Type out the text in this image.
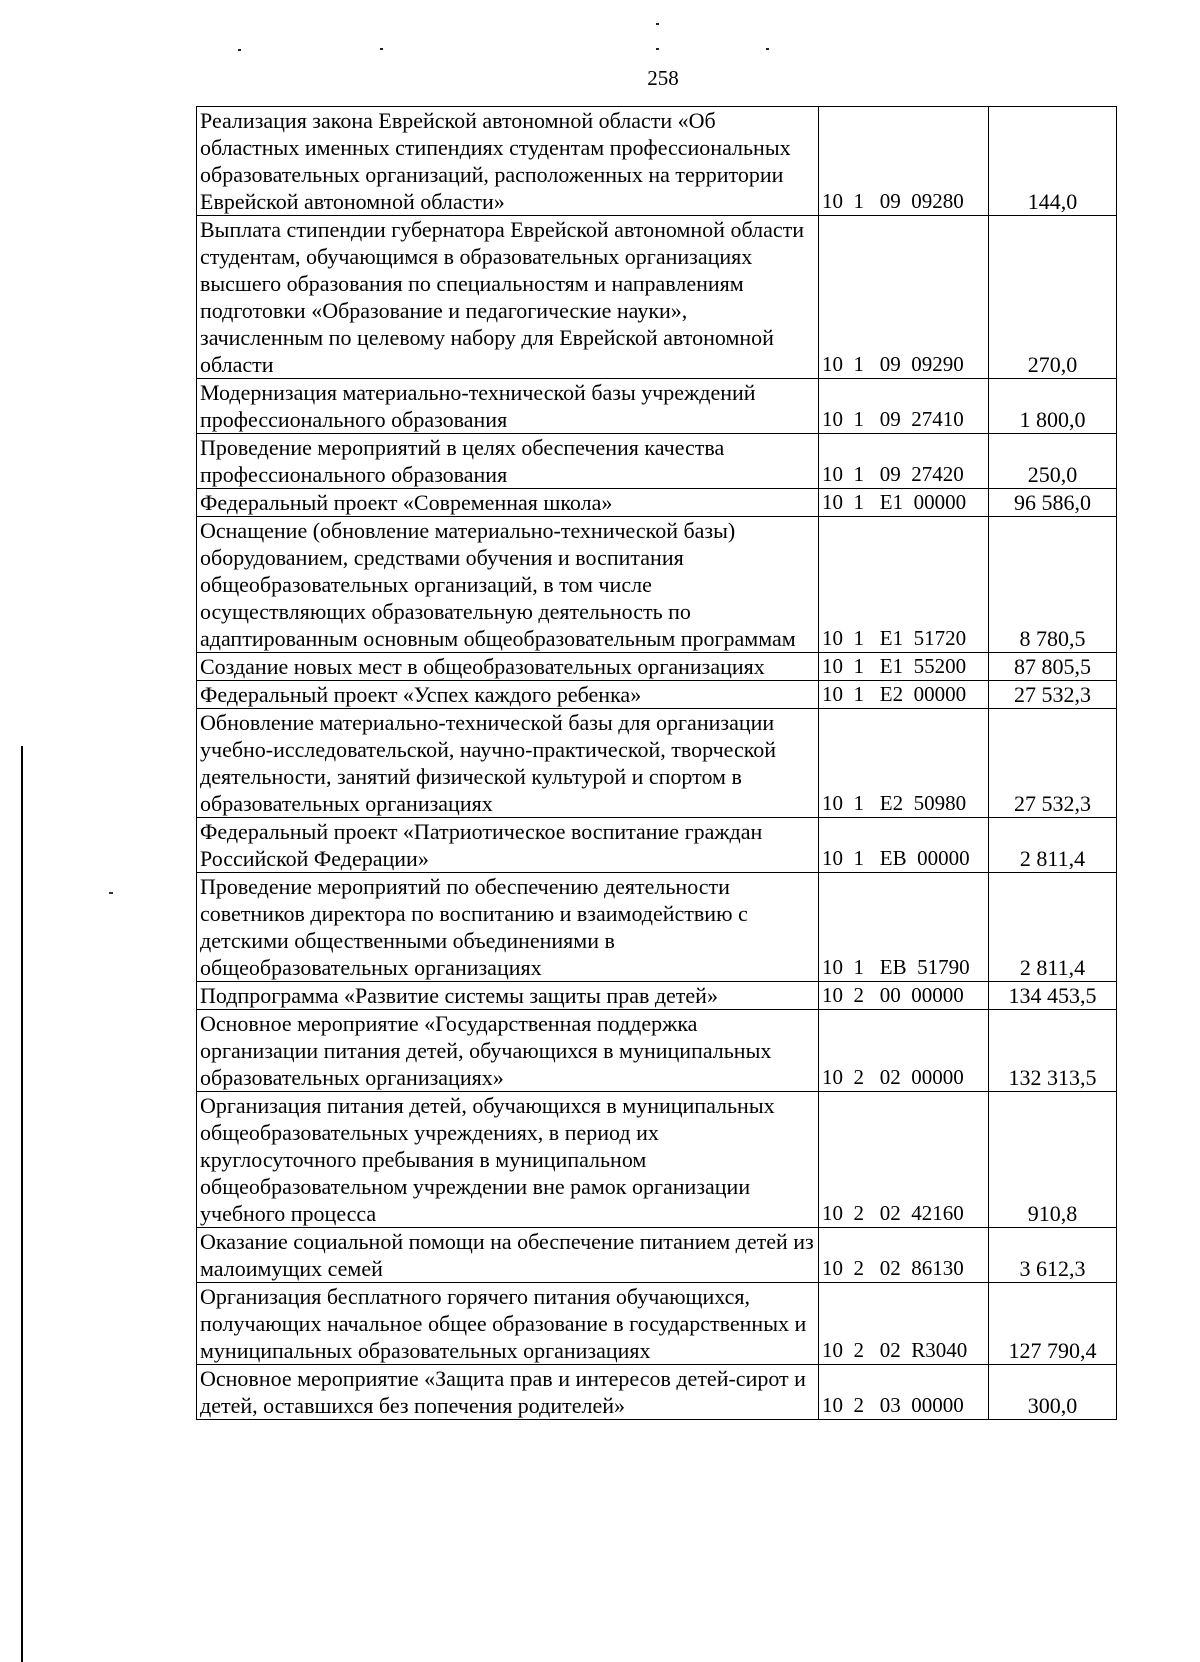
258
Реализация закона Еврейской автономной области «Об областных именных стипендиях студентам профессиональных образовательных организаций, расположенных на территории Еврейской автономной области»	10  1   09  09280	144,0
Выплата стипендии губернатора Еврейской автономной области студентам, обучающимся в образовательных организациях высшего образования по специальностям и направлениям подготовки «Образование и педагогические науки», зачисленным по целевому набору для Еврейской автономной области	10  1   09  09290	270,0
Модернизация материально-технической базы учреждений профессионального образования	10  1   09  27410	1 800,0
Проведение мероприятий в целях обеспечения качества профессионального образования	10  1   09  27420	250,0
Федеральный проект «Современная школа»	10  1   E1  00000	96 586,0
Оснащение (обновление материально-технической базы) оборудованием, средствами обучения и воспитания общеобразовательных организаций, в том числе осуществляющих образовательную деятельность по адаптированным основным общеобразовательным программам	10  1   E1  51720	8 780,5
Создание новых мест в общеобразовательных организациях	10  1   E1  55200	87 805,5
Федеральный проект «Успех каждого ребенка»	10  1   E2  00000	27 532,3
Обновление материально-технической базы для организации учебно-исследовательской, научно-практической, творческой деятельности, занятий физической культурой и спортом в образовательных организациях	10  1   E2  50980	27 532,3
Федеральный проект «Патриотическое воспитание граждан Российской Федерации»	10  1   EB  00000	2 811,4
Проведение мероприятий по обеспечению деятельности советников директора по воспитанию и взаимодействию с детскими общественными объединениями в общеобразовательных организациях	10  1   EB  51790	2 811,4
Подпрограмма «Развитие системы защиты прав детей»	10  2   00  00000	134 453,5
Основное мероприятие «Государственная поддержка организации питания детей, обучающихся в муниципальных образовательных организациях»	10  2   02  00000	132 313,5
Организация питания детей, обучающихся в муниципальных общеобразовательных учреждениях, в период их круглосуточного пребывания в муниципальном общеобразовательном учреждении вне рамок организации учебного процесса	10  2   02  42160	910,8
Оказание социальной помощи на обеспечение питанием детей из малоимущих семей	10  2   02  86130	3 612,3
Организация бесплатного горячего питания обучающихся, получающих начальное общее образование в государственных и муниципальных образовательных организациях	10  2   02  R3040	127 790,4
Основное мероприятие «Защита прав и интересов детей-сирот и детей, оставшихся без попечения родителей»	10  2   03  00000	300,0
